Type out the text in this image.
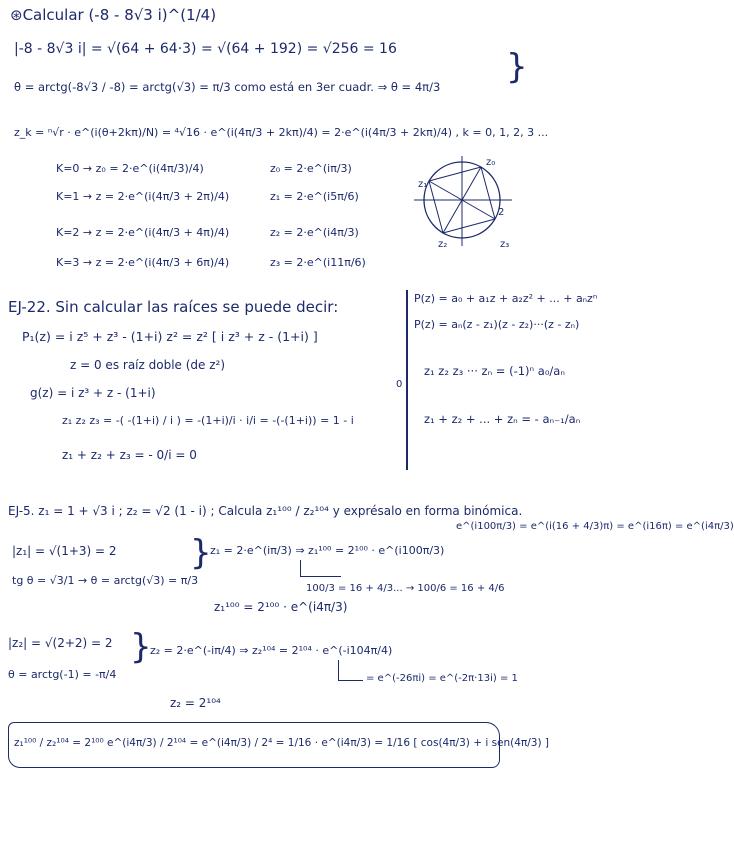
⊛Calcular (-8 - 8√3 i)^(1/4)
|-8 - 8√3 i| = √(64 + 64·3) = √(64 + 192) = √256 = 16
θ = arctg(-8√3 / -8) = arctg(√3) = π/3 como está en 3er cuadr. ⇒ θ = 4π/3 }
z_k = ⁿ√r · e^(i(θ+2kπ)/N) = ⁴√16 · e^(i(4π/3 + 2kπ)/4) = 2·e^(i(4π/3 + 2kπ)/4) , k = 0, 1, 2, 3 ...
K=0 → z₀ = 2·e^(i(4π/3)/4)	z₀ = 2·e^(iπ/3)
K=1 → z = 2·e^(i(4π/3 + 2π)/4)	z₁ = 2·e^(i5π/6)
K=2 → z = 2·e^(i(4π/3 + 4π)/4)	z₂ = 2·e^(i4π/3)
K=3 → z = 2·e^(i(4π/3 + 6π)/4)	z₃ = 2·e^(i11π/6)
z₁
z₀
z₂	z₃
2
EJ-22. Sin calcular las raíces se puede decir:
P₁(z) = i z⁵ + z³ - (1+i) z² = z² [ i z³ + z - (1+i) ]
z = 0 es raíz doble (de z²)
g(z) = i z³ + z - (1+i)
z₁ z₂ z₃ = -( -(1+i) / i ) = -(1+i)/i · i/i = -(-(1+i)) = 1 - i
z₁ + z₂ + z₃ = - 0/i = 0
0
P(z) = a₀ + a₁z + a₂z² + ... + aₙzⁿ
P(z) = aₙ(z - z₁)(z - z₂)···(z - zₙ)
z₁ z₂ z₃ ··· zₙ = (-1)ⁿ a₀/aₙ
z₁ + z₂ + ... + zₙ = - aₙ₋₁/aₙ
EJ-5. z₁ = 1 + √3 i ; z₂ = √2 (1 - i) ; Calcula z₁¹⁰⁰ / z₂¹⁰⁴ y exprésalo en forma binómica.
|z₁| = √(1+3) = 2
tg θ = √3/1 → θ = arctg(√3) = π/3
}
z₁ = 2·e^(iπ/3) ⇒ z₁¹⁰⁰ = 2¹⁰⁰ · e^(i100π/3)
100/3 = 16 + 4/3... → 100/6 = 16 + 4/6
e^(i100π/3) = e^(i(16 + 4/3)π) = e^(i16π) = e^(i4π/3)
z₁¹⁰⁰ = 2¹⁰⁰ · e^(i4π/3)
|z₂| = √(2+2) = 2
θ = arctg(-1) = -π/4
}
z₂ = 2·e^(-iπ/4) ⇒ z₂¹⁰⁴ = 2¹⁰⁴ · e^(-i104π/4)
= e^(-26πi) = e^(-2π·13i) = 1
z₂ = 2¹⁰⁴
z₁¹⁰⁰ / z₂¹⁰⁴ = 2¹⁰⁰ e^(i4π/3) / 2¹⁰⁴ = e^(i4π/3) / 2⁴ = 1/16 · e^(i4π/3) = 1/16 [ cos(4π/3) + i sen(4π/3) ]
